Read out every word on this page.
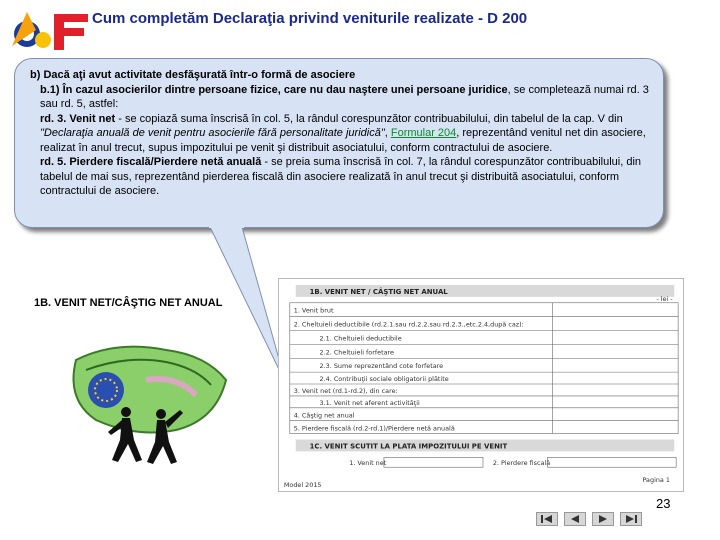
Cum completăm Declaraţia privind veniturile realizate - D 200

b) Dacă aţi avut activitate desfăşurată într-o formă de asociere

b.1) În cazul asocierilor dintre persoane fizice, care nu dau naştere unei persoane juridice, se completează numai rd. 3 sau rd. 5, astfel:

rd. 3. Venit net - se copiază suma înscrisă în col. 5, la rândul corespunzător contribuabilului, din tabelul de la cap. V din "Declaraţia anuală de venit pentru asocierile fără personalitate juridică", Formular 204, reprezentând venitul net din asociere, realizat în anul trecut, supus impozitului pe venit şi distribuit asociatului, conform contractului de asociere.

rd. 5. Pierdere fiscală/Pierdere netă anuală - se preia suma înscrisă în col. 7, la rândul corespunzător contribuabilului, din tabelul de mai sus, reprezentând pierderea fiscală din asociere realizată în anul trecut şi distribuită asociatului, conform contractului de asociere.

1B. VENIT NET/CÂŞTIG NET ANUAL
1B. VENIT NET / CÂŞTIG NET ANUAL
- lei -
1. Venit brut
2. Cheltuieli deductibile (rd.2.1.sau rd.2.2.sau rd.2.3.,etc.2.4,după caz):
2.1. Cheltuieli deductibile
2.2. Cheltuieli forfetare
2.3. Sume reprezentând cote forfetare
2.4. Contribuţii sociale obligatorii plătite
3. Venit net (rd.1-rd.2), din care:
3.1. Venit net aferent activităţii
4. Câştig net anual
5. Pierdere fiscală (rd.2-rd.1)/Pierdere netă anuală
1C. VENIT SCUTIT LA PLATA IMPOZITULUI PE VENIT
1. Venit net	2. Pierdere fiscală
Model 2015
Pagina 1
23
